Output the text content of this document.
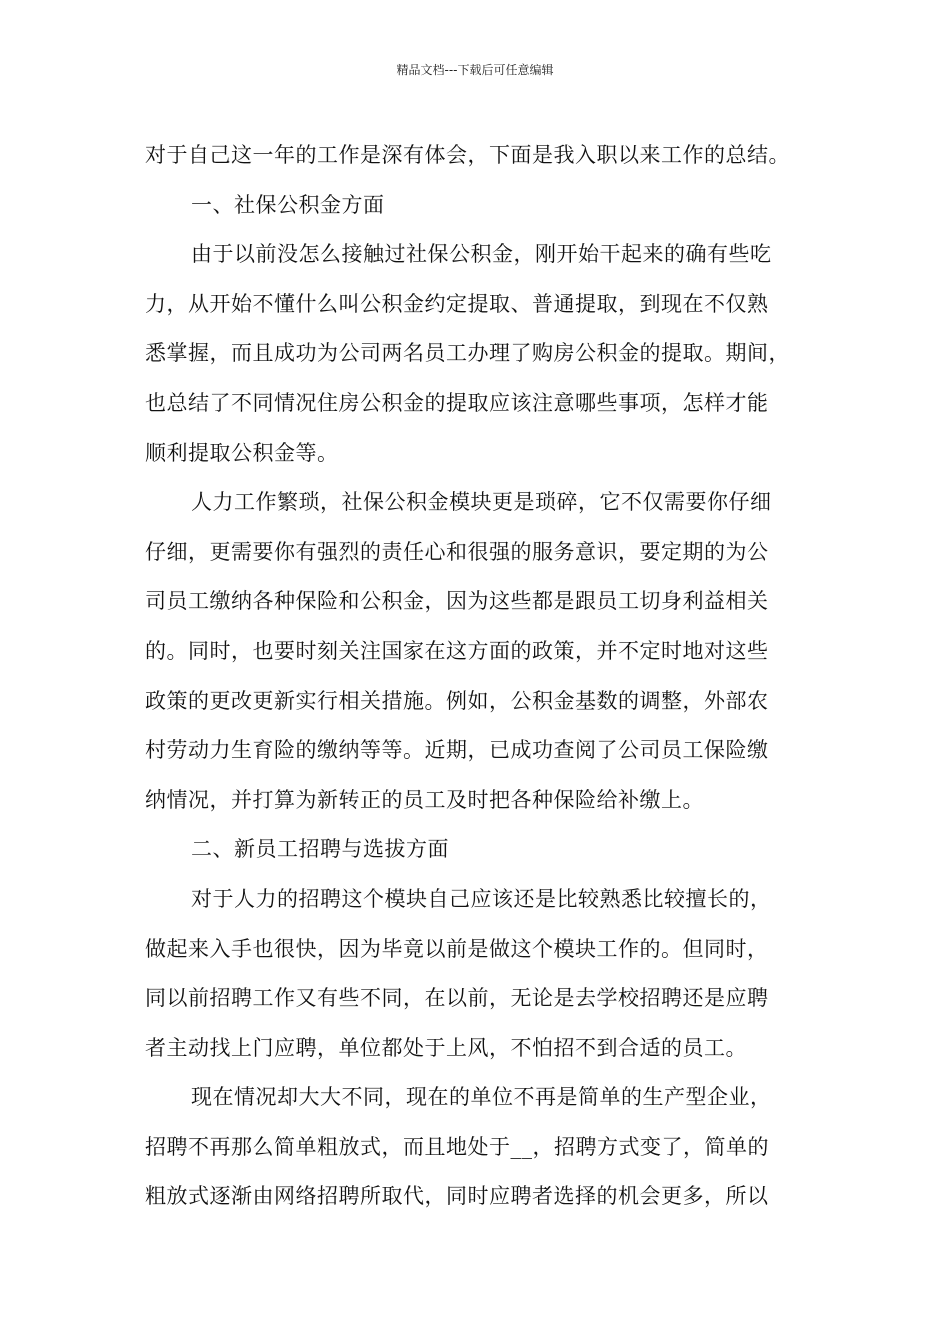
精品文档---下载后可任意编辑
对于自己这一年的工作是深有体会，下面是我入职以来工作的总结。
一、社保公积金方面
由于以前没怎么接触过社保公积金，刚开始干起来的确有些吃
力，从开始不懂什么叫公积金约定提取、普通提取，到现在不仅熟
悉掌握，而且成功为公司两名员工办理了购房公积金的提取。期间，
也总结了不同情况住房公积金的提取应该注意哪些事项，怎样才能
顺利提取公积金等。
人力工作繁琐，社保公积金模块更是琐碎，它不仅需要你仔细
仔细，更需要你有强烈的责任心和很强的服务意识，要定期的为公
司员工缴纳各种保险和公积金，因为这些都是跟员工切身利益相关
的。同时，也要时刻关注国家在这方面的政策，并不定时地对这些
政策的更改更新实行相关措施。例如，公积金基数的调整，外部农
村劳动力生育险的缴纳等等。近期，已成功查阅了公司员工保险缴
纳情况，并打算为新转正的员工及时把各种保险给补缴上。
二、新员工招聘与选拔方面
对于人力的招聘这个模块自己应该还是比较熟悉比较擅长的，
做起来入手也很快，因为毕竟以前是做这个模块工作的。但同时，
同以前招聘工作又有些不同，在以前，无论是去学校招聘还是应聘
者主动找上门应聘，单位都处于上风，不怕招不到合适的员工。
现在情况却大大不同，现在的单位不再是简单的生产型企业，
招聘不再那么简单粗放式，而且地处于__，招聘方式变了，简单的
粗放式逐渐由网络招聘所取代，同时应聘者选择的机会更多，所以
